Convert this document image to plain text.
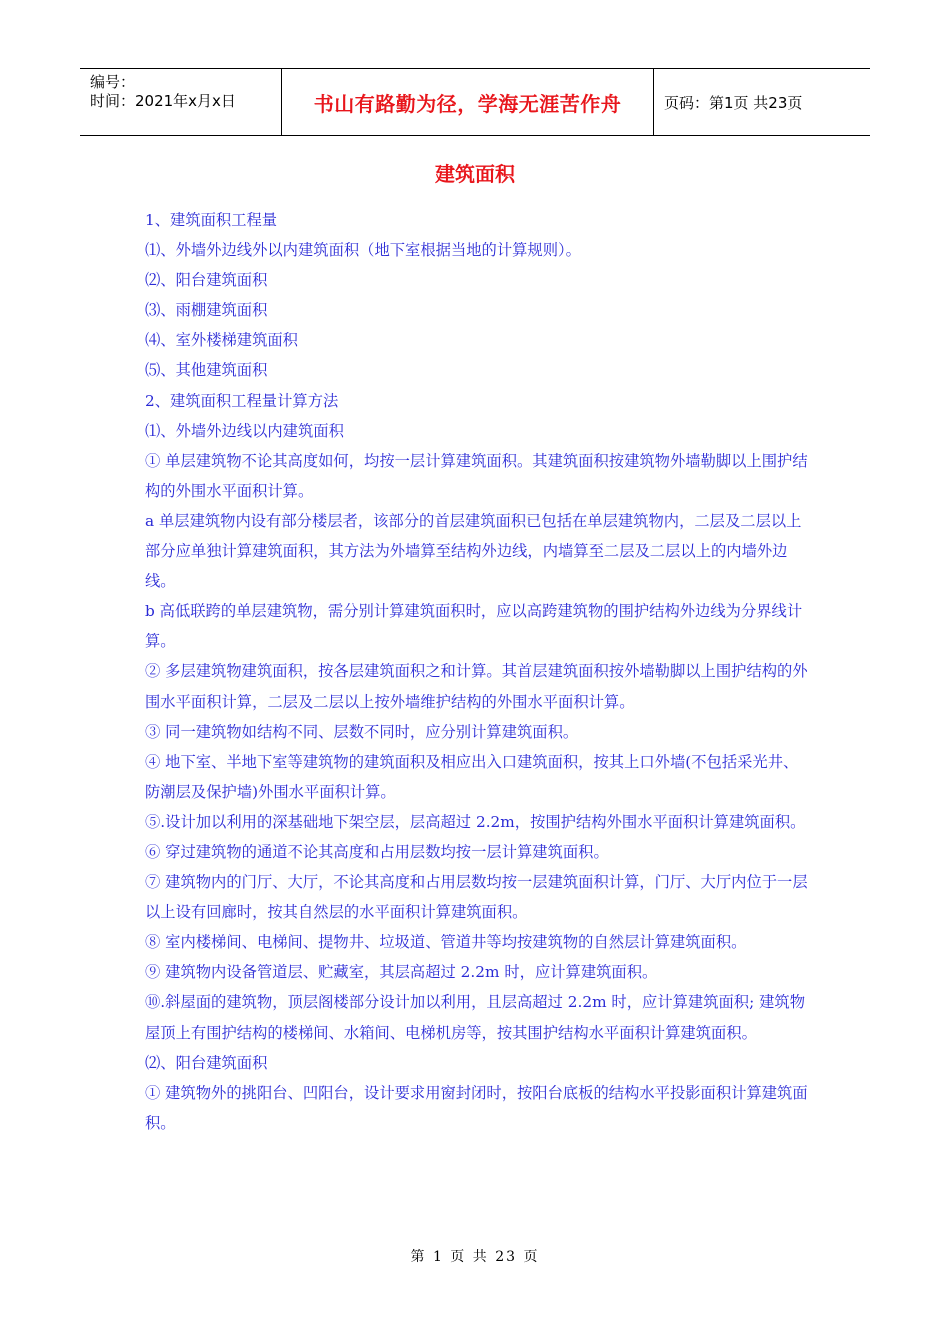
编号：
时间：2021年x月x日	书山有路勤为径，学海无涯苦作舟	页码：第1页 共23页
建筑面积

1、建筑面积工程量

⑴、外墙外边线外以内建筑面积（地下室根据当地的计算规则）。

⑵、阳台建筑面积

⑶、雨棚建筑面积

⑷、室外楼梯建筑面积

⑸、其他建筑面积

2、建筑面积工程量计算方法

⑴、外墙外边线以内建筑面积

① 单层建筑物不论其高度如何，均按一层计算建筑面积。其建筑面积按建筑物外墙勒脚以上围护结构的外围水平面积计算。

a 单层建筑物内设有部分楼层者，该部分的首层建筑面积已包括在单层建筑物内，二层及二层以上部分应单独计算建筑面积，其方法为外墙算至结构外边线，内墙算至二层及二层以上的内墙外边线。

b 高低联跨的单层建筑物，需分别计算建筑面积时，应以高跨建筑物的围护结构外边线为分界线计算。

② 多层建筑物建筑面积，按各层建筑面积之和计算。其首层建筑面积按外墙勒脚以上围护结构的外围水平面积计算，二层及二层以上按外墙维护结构的外围水平面积计算。

③ 同一建筑物如结构不同、层数不同时，应分别计算建筑面积。

④ 地下室、半地下室等建筑物的建筑面积及相应出入口建筑面积，按其上口外墙(不包括采光井、防潮层及保护墙)外围水平面积计算。

⑤.设计加以利用的深基础地下架空层，层高超过 2.2m，按围护结构外围水平面积计算建筑面积。

⑥ 穿过建筑物的通道不论其高度和占用层数均按一层计算建筑面积。

⑦ 建筑物内的门厅、大厅，不论其高度和占用层数均按一层建筑面积计算，门厅、大厅内位于一层以上设有回廊时，按其自然层的水平面积计算建筑面积。

⑧ 室内楼梯间、电梯间、提物井、垃圾道、管道井等均按建筑物的自然层计算建筑面积。

⑨ 建筑物内设备管道层、贮藏室，其层高超过 2.2m 时，应计算建筑面积。

⑩.斜屋面的建筑物，顶层阁楼部分设计加以利用，且层高超过 2.2m 时，应计算建筑面积; 建筑物屋顶上有围护结构的楼梯间、水箱间、电梯机房等，按其围护结构水平面积计算建筑面积。

⑵、阳台建筑面积

① 建筑物外的挑阳台、凹阳台，设计要求用窗封闭时，按阳台底板的结构水平投影面积计算建筑面积。

第 1 页 共 23 页
